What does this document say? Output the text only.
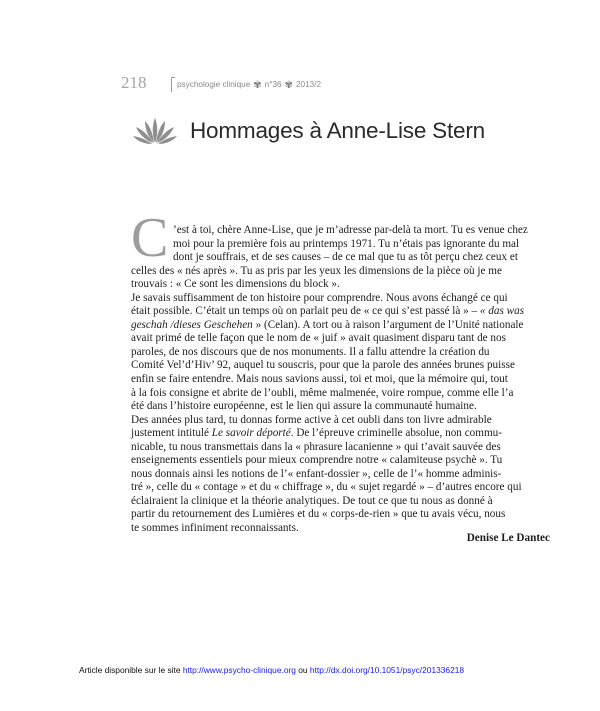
218	psychologie clinique ✾ n°36 ✾ 2013/2
Hommages à Anne-Lise Stern
C ’est à toi, chère Anne-Lise, que je m’adresse par-delà ta mort. Tu es venue chez
moi pour la première fois au printemps 1971. Tu n’étais pas ignorante du mal
dont je souffrais, et de ses causes – de ce mal que tu as tôt perçu chez ceux et
celles des « nés après ». Tu as pris par les yeux les dimensions de la pièce où je me
trouvais : « Ce sont les dimensions du block ».
Je savais suffisamment de ton histoire pour comprendre. Nous avons échangé ce qui
était possible. C’était un temps où on parlait peu de « ce qui s’est passé là » – « das was
geschah /dieses Geschehen » (Celan). A tort ou à raison l’argument de l’Unité nationale
avait primé de telle façon que le nom de « juif » avait quasiment disparu tant de nos
paroles, de nos discours que de nos monuments. Il a fallu attendre la création du
Comité Vel’d’Hiv’ 92, auquel tu souscris, pour que la parole des années brunes puisse
enfin se faire entendre. Mais nous savions aussi, toi et moi, que la mémoire qui, tout
à la fois consigne et abrite de l’oubli, même malmenée, voire rompue, comme elle l’a
été dans l’histoire européenne, est le lien qui assure la communauté humaine.
Des années plus tard, tu donnas forme active à cet oubli dans ton livre admirable
justement intitulé Le savoir déporté. De l’épreuve criminelle absolue, non commu-
nicable, tu nous transmettais dans la « phrasure lacanienne » qui t’avait sauvée des
enseignements essentiels pour mieux comprendre notre « calamiteuse psychè ». Tu
nous donnais ainsi les notions de l’« enfant-dossier », celle de l’« homme adminis-
tré », celle du « contage » et du « chiffrage », du « sujet regardé » – d’autres encore qui
éclairaient la clinique et la théorie analytiques. De tout ce que tu nous as donné à
partir du retournement des Lumières et du « corps-de-rien » que tu avais vécu, nous
te sommes infiniment reconnaissants.
Denise Le Dantec
Article disponible sur le site http://www.psycho-clinique.org ou http://dx.doi.org/10.1051/psyc/201336218
